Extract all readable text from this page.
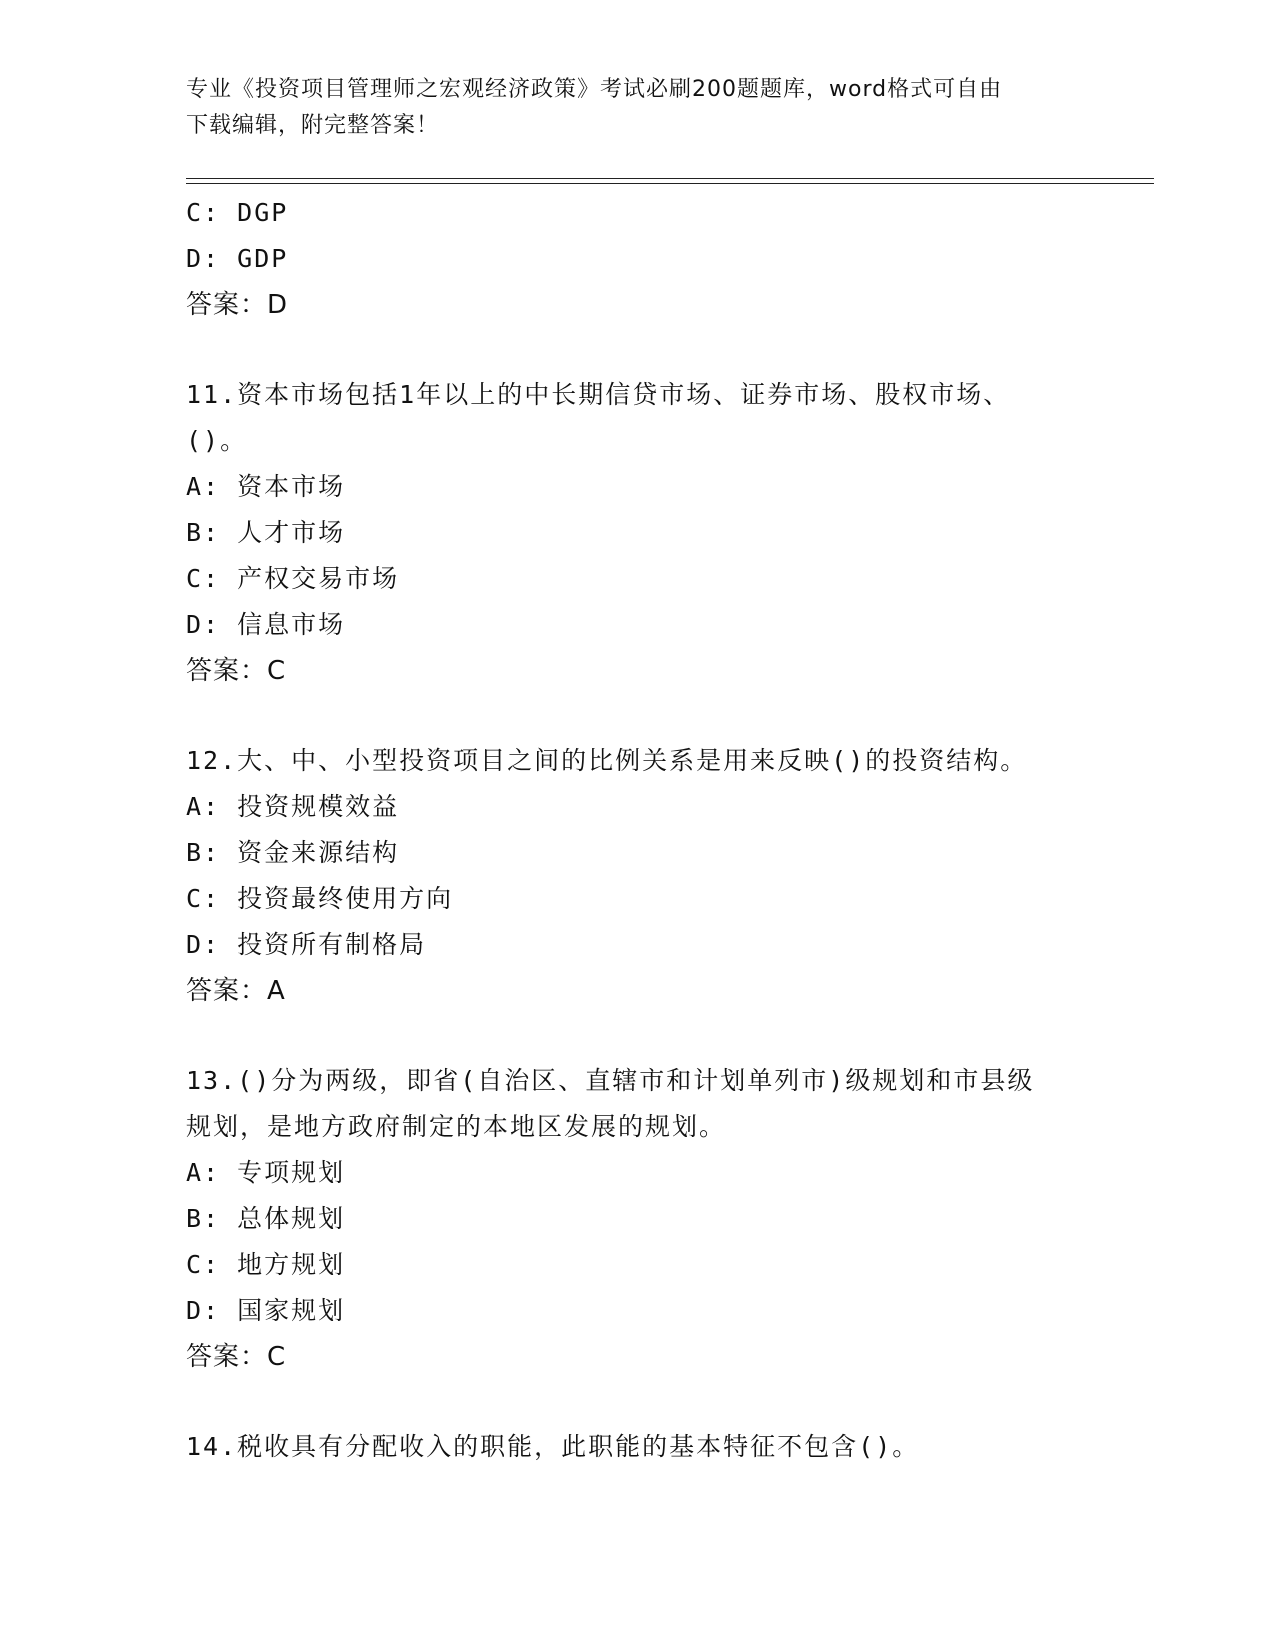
专业《投资项目管理师之宏观经济政策》考试必刷200题题库，word格式可自由
下载编辑，附完整答案！
C: DGP
D: GDP
答案：D
11.资本市场包括1年以上的中长期信贷市场、证券市场、股权市场、
()。
A: 资本市场
B: 人才市场
C: 产权交易市场
D: 信息市场
答案：C
12.大、中、小型投资项目之间的比例关系是用来反映()的投资结构。
A: 投资规模效益
B: 资金来源结构
C: 投资最终使用方向
D: 投资所有制格局
答案：A
13.()分为两级，即省(自治区、直辖市和计划单列市)级规划和市县级
规划，是地方政府制定的本地区发展的规划。
A: 专项规划
B: 总体规划
C: 地方规划
D: 国家规划
答案：C
14.税收具有分配收入的职能，此职能的基本特征不包含()。
